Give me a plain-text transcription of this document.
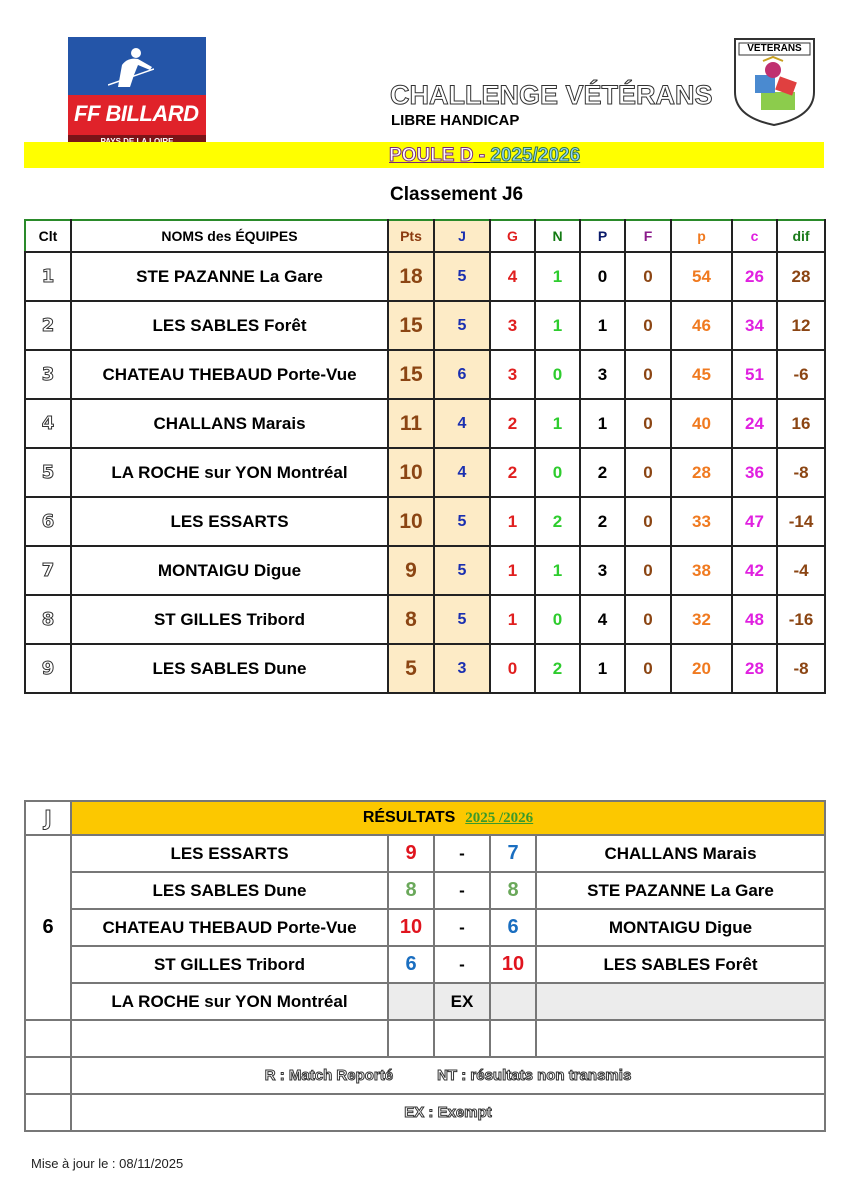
FF BILLARD
VETERANS
CHALLENGE VÉTÉRANS
LIBRE HANDICAP
POULE D - 2025/2026
Classement J6
Clt	NOMS des ÉQUIPES	Pts	J	G	N	P	F	p	c	dif
1	STE PAZANNE La Gare	18	5	4	1	0	0	54	26	28
2	LES SABLES Forêt	15	5	3	1	1	0	46	34	12
3	CHATEAU THEBAUD Porte-Vue	15	6	3	0	3	0	45	51	-6
4	CHALLANS Marais	11	4	2	1	1	0	40	24	16
5	LA ROCHE sur YON Montréal	10	4	2	0	2	0	28	36	-8
6	LES ESSARTS	10	5	1	2	2	0	33	47	-14
7	MONTAIGU Digue	9	5	1	1	3	0	38	42	-4
8	ST GILLES Tribord	8	5	1	0	4	0	32	48	-16
9	LES SABLES Dune	5	3	0	2	1	0	20	28	-8
J	RÉSULTATS 2025 /2026				
6	LES ESSARTS	9	-	7	CHALLANS Marais
	LES SABLES Dune	8	-	8	STE PAZANNE La Gare
	CHATEAU THEBAUD Porte-Vue	10	-	6	MONTAIGU Digue
	ST GILLES Tribord	6	-	10	LES SABLES Forêt
	LA ROCHE sur YON Montréal		EX		

	R : Match Reporté NT : résultats non transmis				
	EX : Exempt				
Mise à jour le : 08/11/2025
